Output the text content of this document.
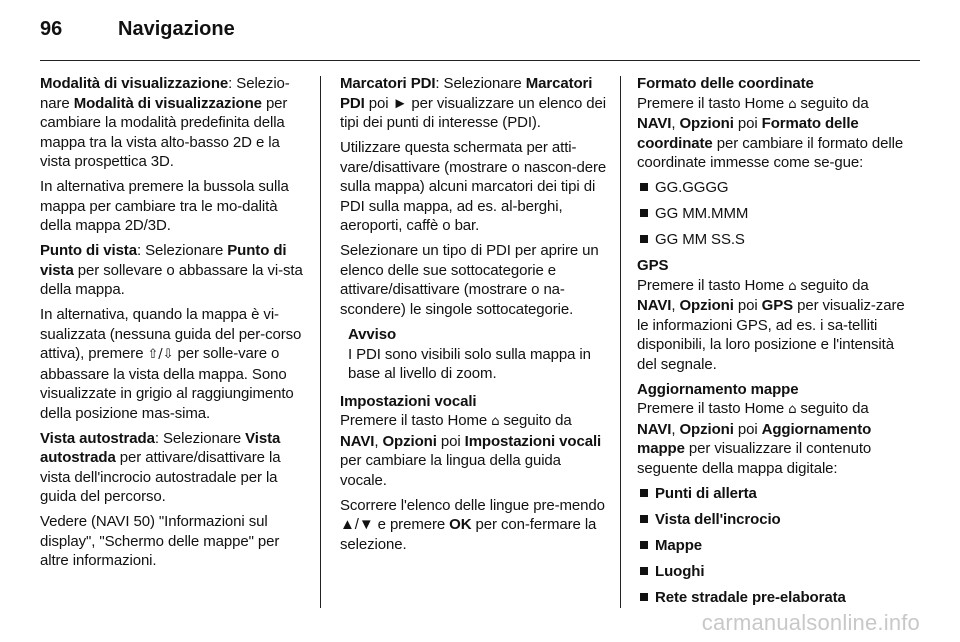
96	Navigazione

Modalità di visualizzazione: Selezio- nare Modalità di visualizzazione per cambiare la modalità predefinita della mappa tra la vista alto-basso 2D e la vista prospettica 3D.

In alternativa premere la bussola sulla mappa per cambiare tra le mo-dalità della mappa 2D/3D.

Punto di vista: Selezionare Punto di vista per sollevare o abbassare la vi-sta della mappa.

In alternativa, quando la mappa è vi-sualizzata (nessuna guida del per-corso attiva), premere ⇧/⇩ per solle-vare o abbassare la vista della mappa. Sono visualizzate in grigio al raggiungimento della posizione mas-sima.

Vista autostrada: Selezionare Vista autostrada per attivare/disattivare la vista dell'incrocio autostradale per la guida del percorso.

Vedere (NAVI 50) "Informazioni sul display", "Schermo delle mappe" per altre informazioni.

Marcatori PDI: Selezionare Marcatori PDI poi ► per visualizzare un elenco dei tipi dei punti di interesse (PDI).

Utilizzare questa schermata per atti-vare/disattivare (mostrare o nascon-dere sulla mappa) alcuni marcatori dei tipi di PDI sulla mappa, ad es. al-berghi, aeroporti, caffè o bar.

Selezionare un tipo di PDI per aprire un elenco delle sue sottocategorie e attivare/disattivare (mostrare o na-scondere) le singole sottocategorie.

Avviso
I PDI sono visibili solo sulla mappa in base al livello di zoom.
Impostazioni vocali

Premere il tasto Home ⌂ seguito da NAVI, Opzioni poi Impostazioni vocali per cambiare la lingua della guida vocale.

Scorrere l'elenco delle lingue pre-mendo ▲/▼ e premere OK per con-fermare la selezione.

Formato delle coordinate

Premere il tasto Home ⌂ seguito da NAVI, Opzioni poi Formato delle coordinate per cambiare il formato delle coordinate immesse come se-gue:

GG.GGGG
GG MM.MMM
GG MM SS.S
GPS

Premere il tasto Home ⌂ seguito da NAVI, Opzioni poi GPS per visualiz-zare le informazioni GPS, ad es. i sa-telliti disponibili, la loro posizione e l'intensità del segnale.

Aggiornamento mappe

Premere il tasto Home ⌂ seguito da NAVI, Opzioni poi Aggiornamento mappe per visualizzare il contenuto seguente della mappa digitale:

Punti di allerta
Vista dell'incrocio
Mappe
Luoghi
Rete stradale pre-elaborata
carmanualsonline.info
